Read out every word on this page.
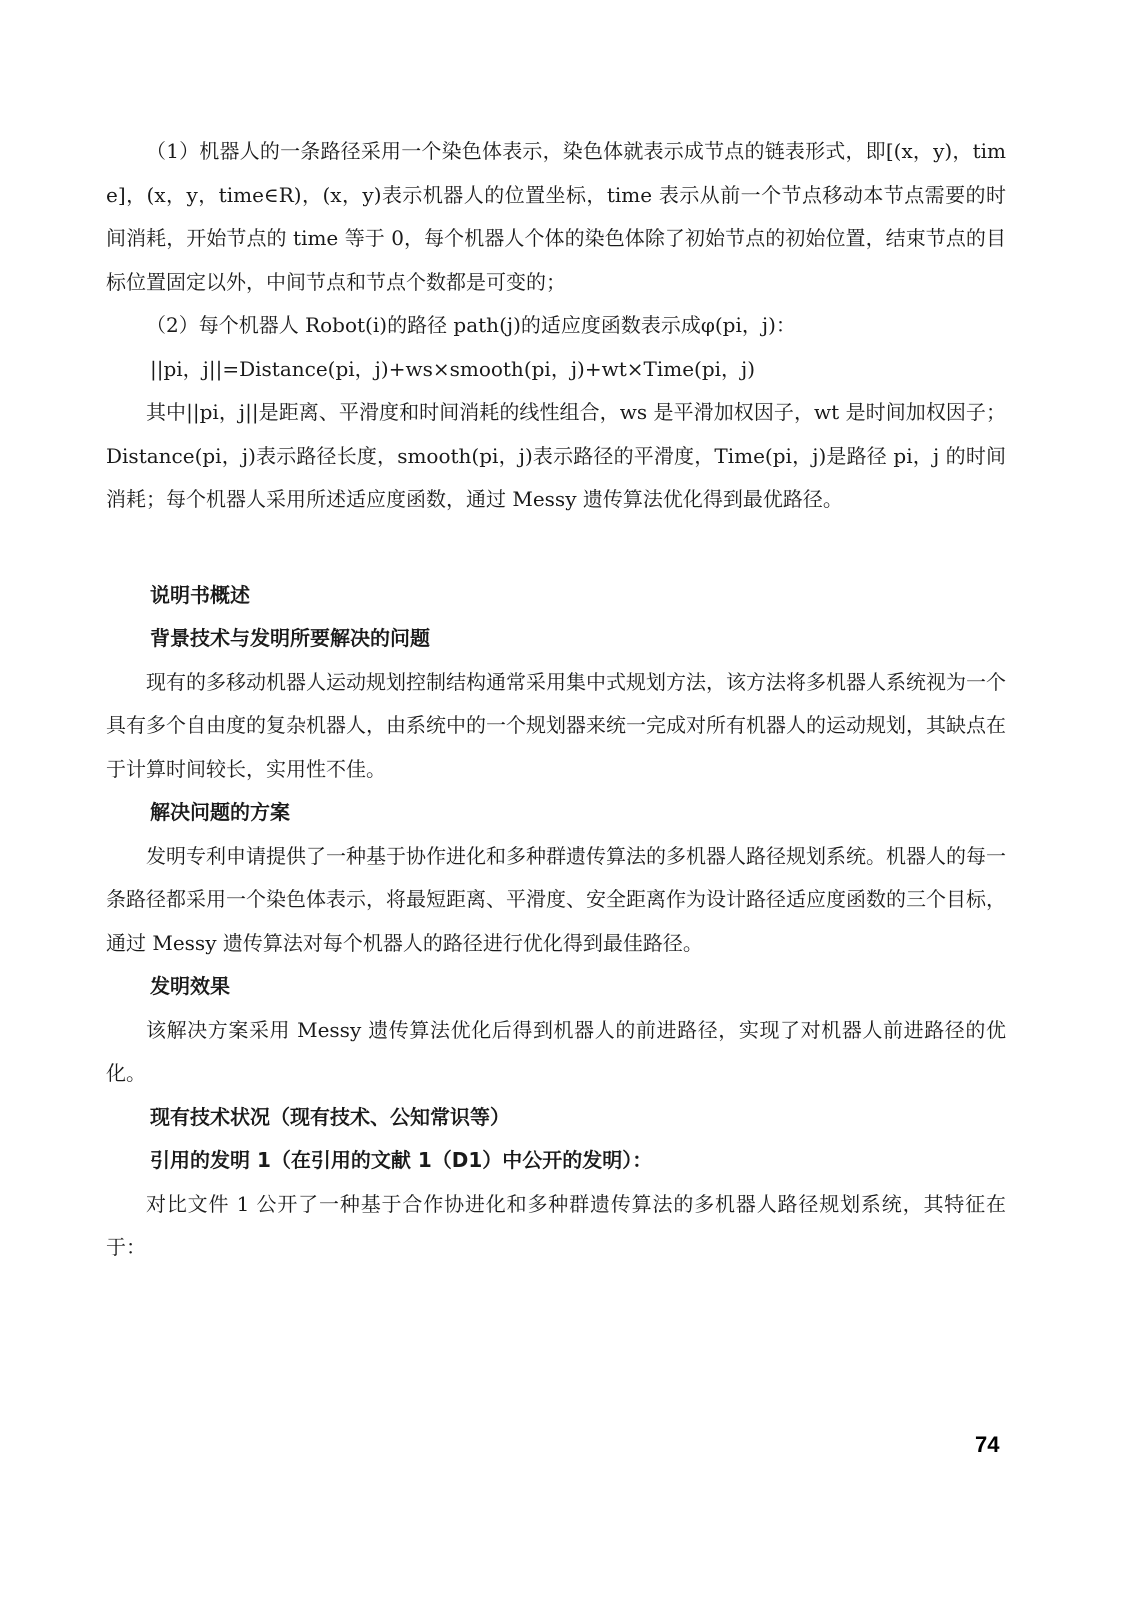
（1）机器人的一条路径采用一个染色体表示，染色体就表示成节点的链表形式，即[(x，y)，time]，(x，y，time∈R)，(x，y)表示机器人的位置坐标，time 表示从前一个节点移动本节点需要的时间消耗，开始节点的 time 等于 0，每个机器人个体的染色体除了初始节点的初始位置，结束节点的目标位置固定以外，中间节点和节点个数都是可变的；

（2）每个机器人 Robot(i)的路径 path(j)的适应度函数表示成φ(pi，j)：

||pi，j||=Distance(pi，j)+ws×smooth(pi，j)+wt×Time(pi，j)

其中||pi，j||是距离、平滑度和时间消耗的线性组合，ws 是平滑加权因子，wt 是时间加权因子；Distance(pi，j)表示路径长度，smooth(pi，j)表示路径的平滑度，Time(pi，j)是路径 pi，j 的时间消耗；每个机器人采用所述适应度函数，通过 Messy 遗传算法优化得到最优路径。

说明书概述

背景技术与发明所要解决的问题

现有的多移动机器人运动规划控制结构通常采用集中式规划方法，该方法将多机器人系统视为一个具有多个自由度的复杂机器人，由系统中的一个规划器来统一完成对所有机器人的运动规划，其缺点在于计算时间较长，实用性不佳。

解决问题的方案

发明专利申请提供了一种基于协作进化和多种群遗传算法的多机器人路径规划系统。机器人的每一条路径都采用一个染色体表示，将最短距离、平滑度、安全距离作为设计路径适应度函数的三个目标，通过 Messy 遗传算法对每个机器人的路径进行优化得到最佳路径。

发明效果

该解决方案采用 Messy 遗传算法优化后得到机器人的前进路径，实现了对机器人前进路径的优化。

现有技术状况（现有技术、公知常识等）

引用的发明 1（在引用的文献 1（D1）中公开的发明）：

对比文件 1 公开了一种基于合作协进化和多种群遗传算法的多机器人路径规划系统，其特征在于：

74
